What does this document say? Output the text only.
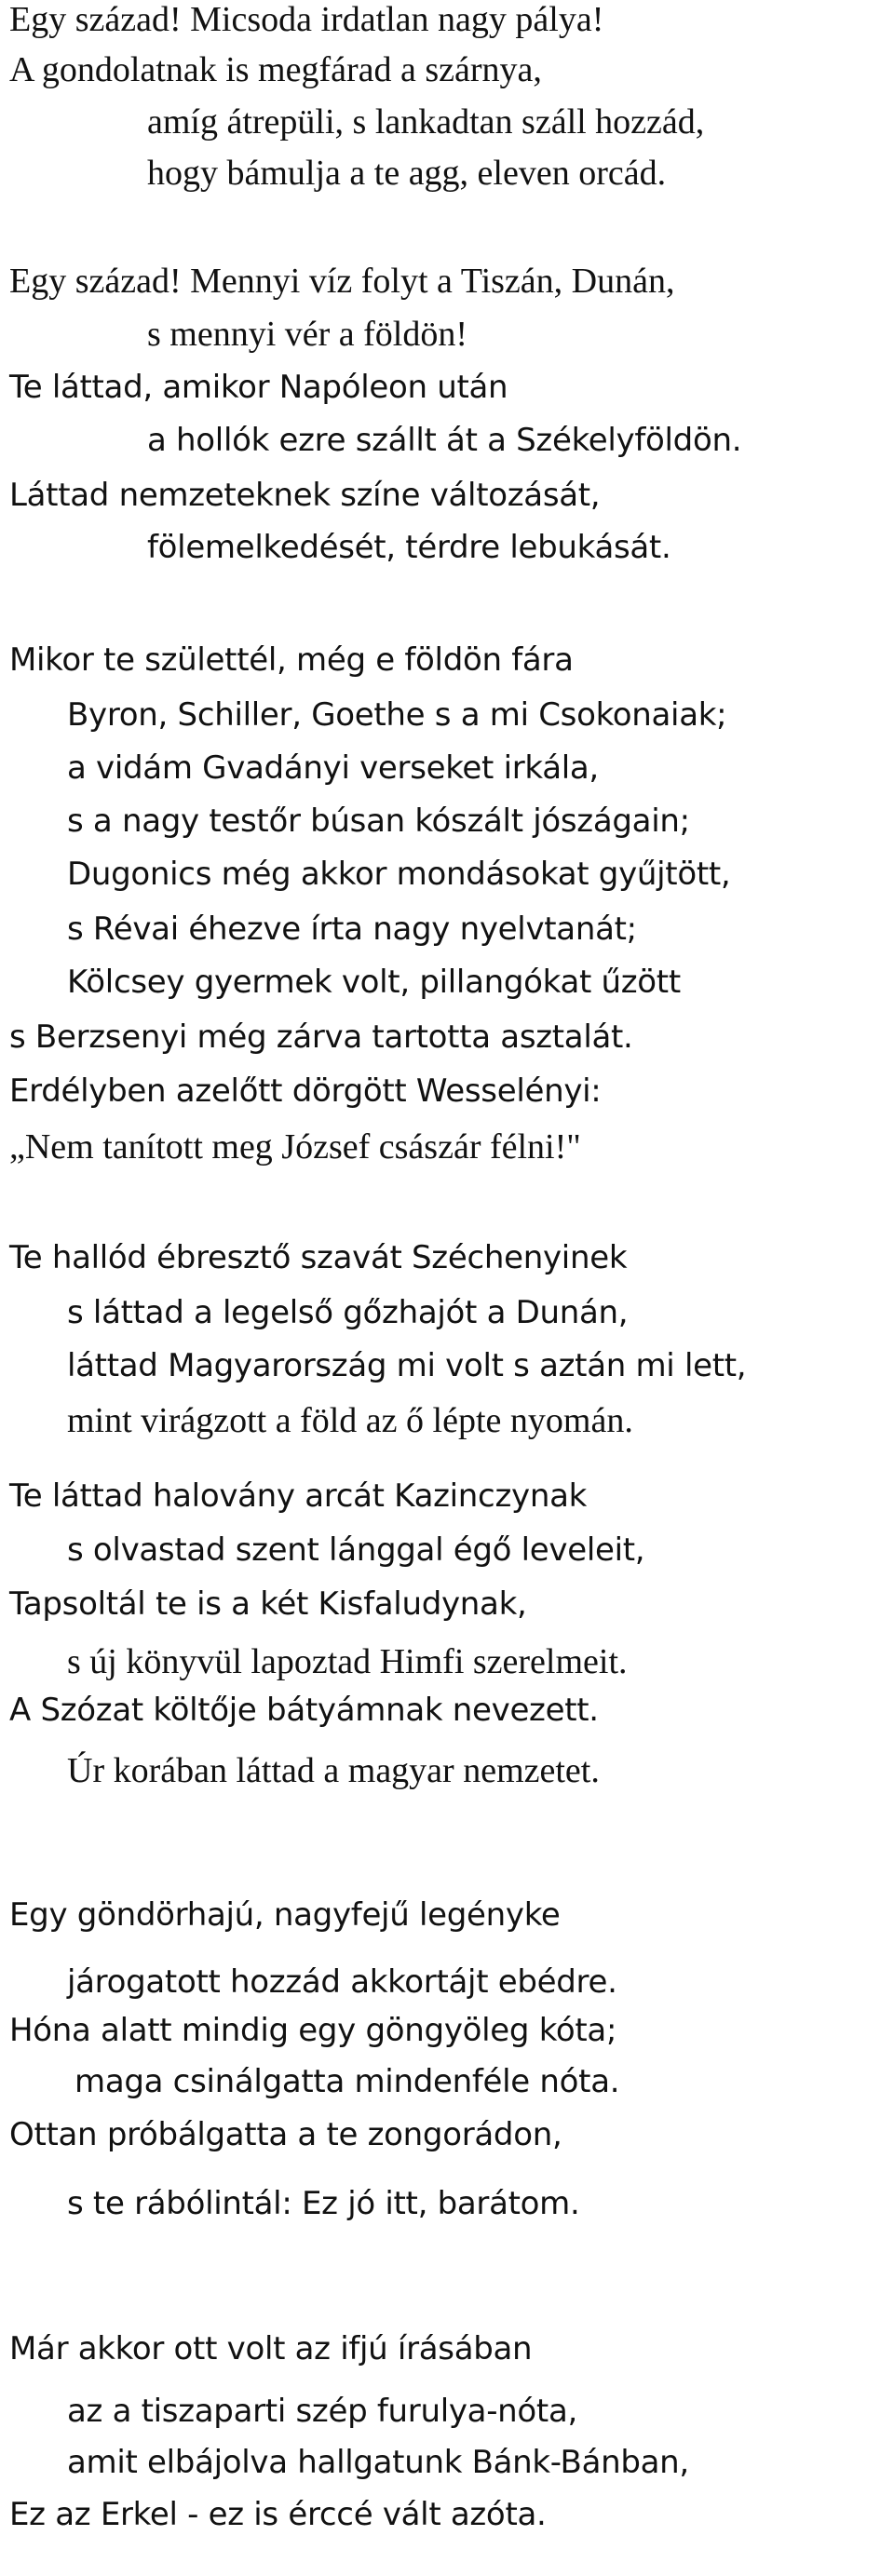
Egy század! Micsoda irdatlan nagy pálya!
A gondolatnak is megfárad a szárnya,
amíg átrepüli, s lankadtan száll hozzád,
hogy bámulja a te agg, eleven orcád.
Egy század! Mennyi víz folyt a Tiszán, Dunán,
s mennyi vér a földön!
Te láttad, amikor Napóleon után
a hollók ezre szállt át a Székelyföldön.
Láttad nemzeteknek színe változását,
fölemelkedését, térdre lebukását.
Mikor te születtél, még e földön fára
Byron, Schiller, Goethe s a mi Csokonaiak;
a vidám Gvadányi verseket irkála,
s a nagy testőr búsan kószált jószágain;
Dugonics még akkor mondásokat gyűjtött,
s Révai éhezve írta nagy nyelvtanát;
Kölcsey gyermek volt, pillangókat űzött
s Berzsenyi még zárva tartotta asztalát.
Erdélyben azelőtt dörgött Wesselényi:
„Nem tanított meg József császár félni!"
Te hallód ébresztő szavát Széchenyinek
s láttad a legelső gőzhajót a Dunán,
láttad Magyarország mi volt s aztán mi lett,
mint virágzott a föld az ő lépte nyomán.
Te láttad halovány arcát Kazinczynak
s olvastad szent lánggal égő leveleit,
Tapsoltál te is a két Kisfaludynak,
s új könyvül lapoztad Himfi szerelmeit.
A Szózat költője bátyámnak nevezett.
Úr korában láttad a magyar nemzetet.
Egy göndörhajú, nagyfejű legényke
járogatott hozzád akkortájt ebédre.
Hóna alatt mindig egy göngyöleg kóta;
maga csinálgatta mindenféle nóta.
Ottan próbálgatta a te zongorádon,
s te rábólintál: Ez jó itt, barátom.
Már akkor ott volt az ifjú írásában
az a tiszaparti szép furulya-nóta,
amit elbájolva hallgatunk Bánk-Bánban,
Ez az Erkel - ez is érccé vált azóta.
